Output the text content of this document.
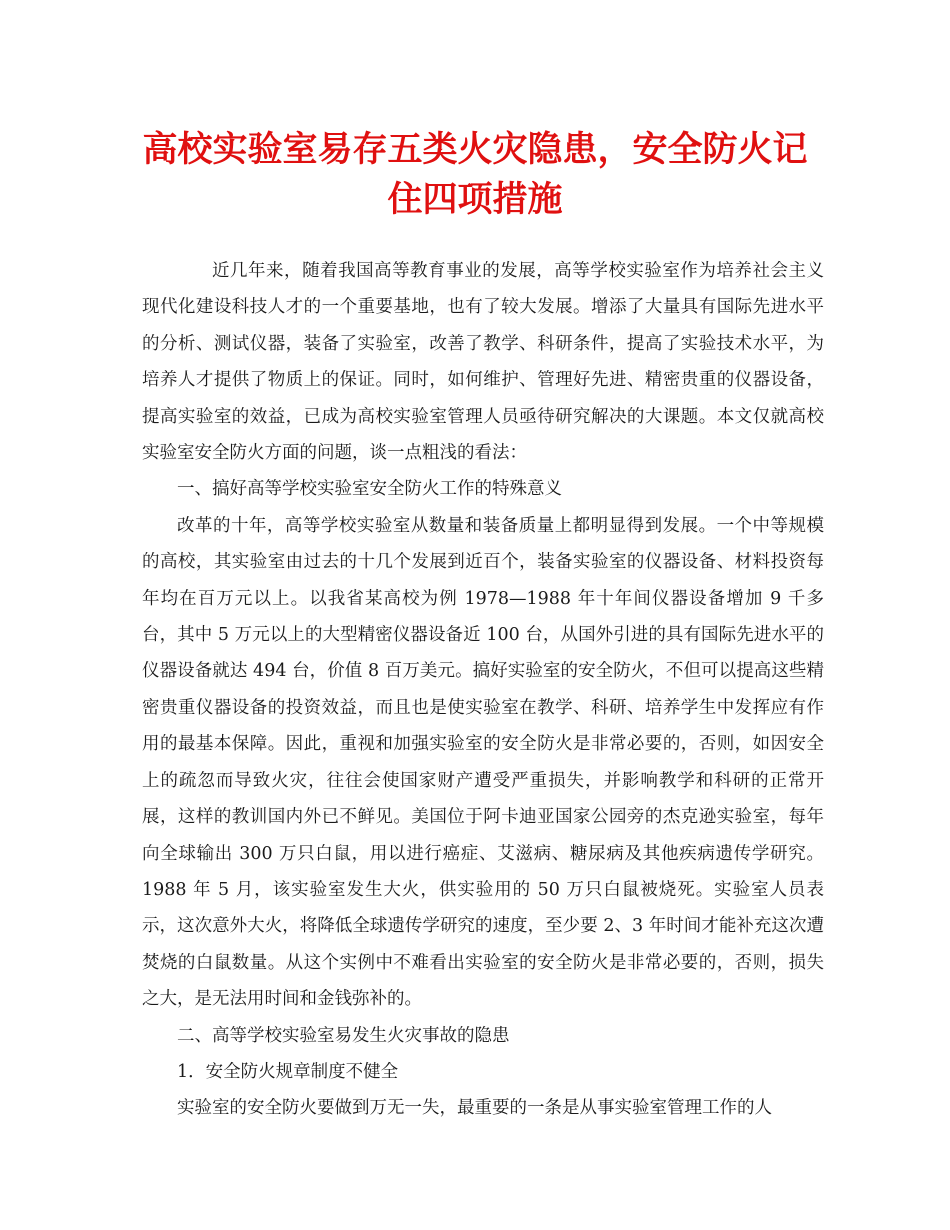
高校实验室易存五类火灾隐患，安全防火记
住四项措施

近几年来，随着我国高等教育事业的发展，高等学校实验室作为培养社会主义现代化建设科技人才的一个重要基地，也有了较大发展。增添了大量具有国际先进水平的分析、测试仪器，装备了实验室，改善了教学、科研条件，提高了实验技术水平，为培养人才提供了物质上的保证。同时，如何维护、管理好先进、精密贵重的仪器设备，提高实验室的效益，已成为高校实验室管理人员亟待研究解决的大课题。本文仅就高校实验室安全防火方面的问题，谈一点粗浅的看法：

一、搞好高等学校实验室安全防火工作的特殊意义

改革的十年，高等学校实验室从数量和装备质量上都明显得到发展。一个中等规模的高校，其实验室由过去的十几个发展到近百个，装备实验室的仪器设备、材料投资每年均在百万元以上。以我省某高校为例 1978—1988 年十年间仪器设备增加 9 千多台，其中 5 万元以上的大型精密仪器设备近 100 台，从国外引进的具有国际先进水平的仪器设备就达 494 台，价值 8 百万美元。搞好实验室的安全防火，不但可以提高这些精密贵重仪器设备的投资效益，而且也是使实验室在教学、科研、培养学生中发挥应有作用的最基本保障。因此，重视和加强实验室的安全防火是非常必要的，否则，如因安全上的疏忽而导致火灾，往往会使国家财产遭受严重损失，并影响教学和科研的正常开展，这样的教训国内外已不鲜见。美国位于阿卡迪亚国家公园旁的杰克逊实验室，每年向全球输出 300 万只白鼠，用以进行癌症、艾滋病、糖尿病及其他疾病遗传学研究。1988 年 5 月，该实验室发生大火，供实验用的 50 万只白鼠被烧死。实验室人员表示，这次意外大火，将降低全球遗传学研究的速度，至少要 2、3 年时间才能补充这次遭焚烧的白鼠数量。从这个实例中不难看出实验室的安全防火是非常必要的，否则，损失之大，是无法用时间和金钱弥补的。

二、高等学校实验室易发生火灾事故的隐患

1．安全防火规章制度不健全

实验室的安全防火要做到万无一失，最重要的一条是从事实验室管理工作的人
